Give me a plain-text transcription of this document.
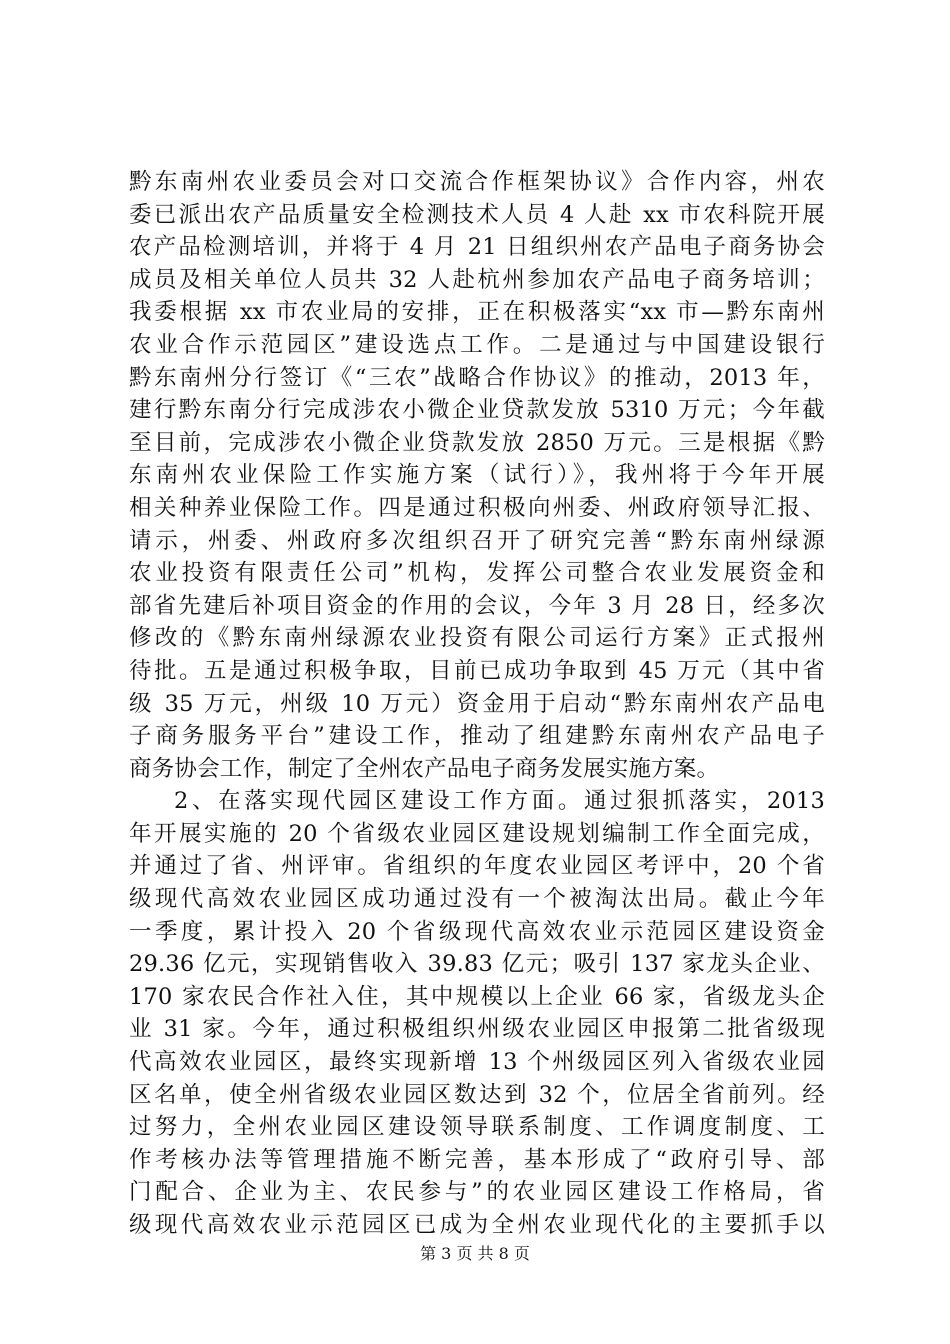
黔东南州农业委员会对口交流合作框架协议》合作内容，州农
委已派出农产品质量安全检测技术人员 4 人赴 xx 市农科院开展
农产品检测培训，并将于 4 月 21 日组织州农产品电子商务协会
成员及相关单位人员共 32 人赴杭州参加农产品电子商务培训；
我委根据 xx 市农业局的安排，正在积极落实“xx 市—黔东南州
农业合作示范园区”建设选点工作。二是通过与中国建设银行
黔东南州分行签订《“三农”战略合作协议》的推动，2013 年，
建行黔东南分行完成涉农小微企业贷款发放 5310 万元；今年截
至目前，完成涉农小微企业贷款发放 2850 万元。三是根据《黔
东南州农业保险工作实施方案（试行）》，我州将于今年开展
相关种养业保险工作。四是通过积极向州委、州政府领导汇报、
请示，州委、州政府多次组织召开了研究完善“黔东南州绿源
农业投资有限责任公司”机构，发挥公司整合农业发展资金和
部省先建后补项目资金的作用的会议，今年 3 月 28 日，经多次
修改的《黔东南州绿源农业投资有限公司运行方案》正式报州
待批。五是通过积极争取，目前已成功争取到 45 万元（其中省
级 35 万元，州级 10 万元）资金用于启动“黔东南州农产品电
子商务服务平台”建设工作，推动了组建黔东南州农产品电子
商务协会工作，制定了全州农产品电子商务发展实施方案。
2、在落实现代园区建设工作方面。通过狠抓落实，2013
年开展实施的 20 个省级农业园区建设规划编制工作全面完成，
并通过了省、州评审。省组织的年度农业园区考评中，20 个省
级现代高效农业园区成功通过没有一个被淘汰出局。截止今年
一季度，累计投入 20 个省级现代高效农业示范园区建设资金
29.36 亿元，实现销售收入 39.83 亿元；吸引 137 家龙头企业、
170 家农民合作社入住，其中规模以上企业 66 家，省级龙头企
业 31 家。今年，通过积极组织州级农业园区申报第二批省级现
代高效农业园区，最终实现新增 13 个州级园区列入省级农业园
区名单，使全州省级农业园区数达到 32 个，位居全省前列。经
过努力，全州农业园区建设领导联系制度、工作调度制度、工
作考核办法等管理措施不断完善，基本形成了“政府引导、部
门配合、企业为主、农民参与”的农业园区建设工作格局，省
级现代高效农业示范园区已成为全州农业现代化的主要抓手以
第 3 页 共 8 页
